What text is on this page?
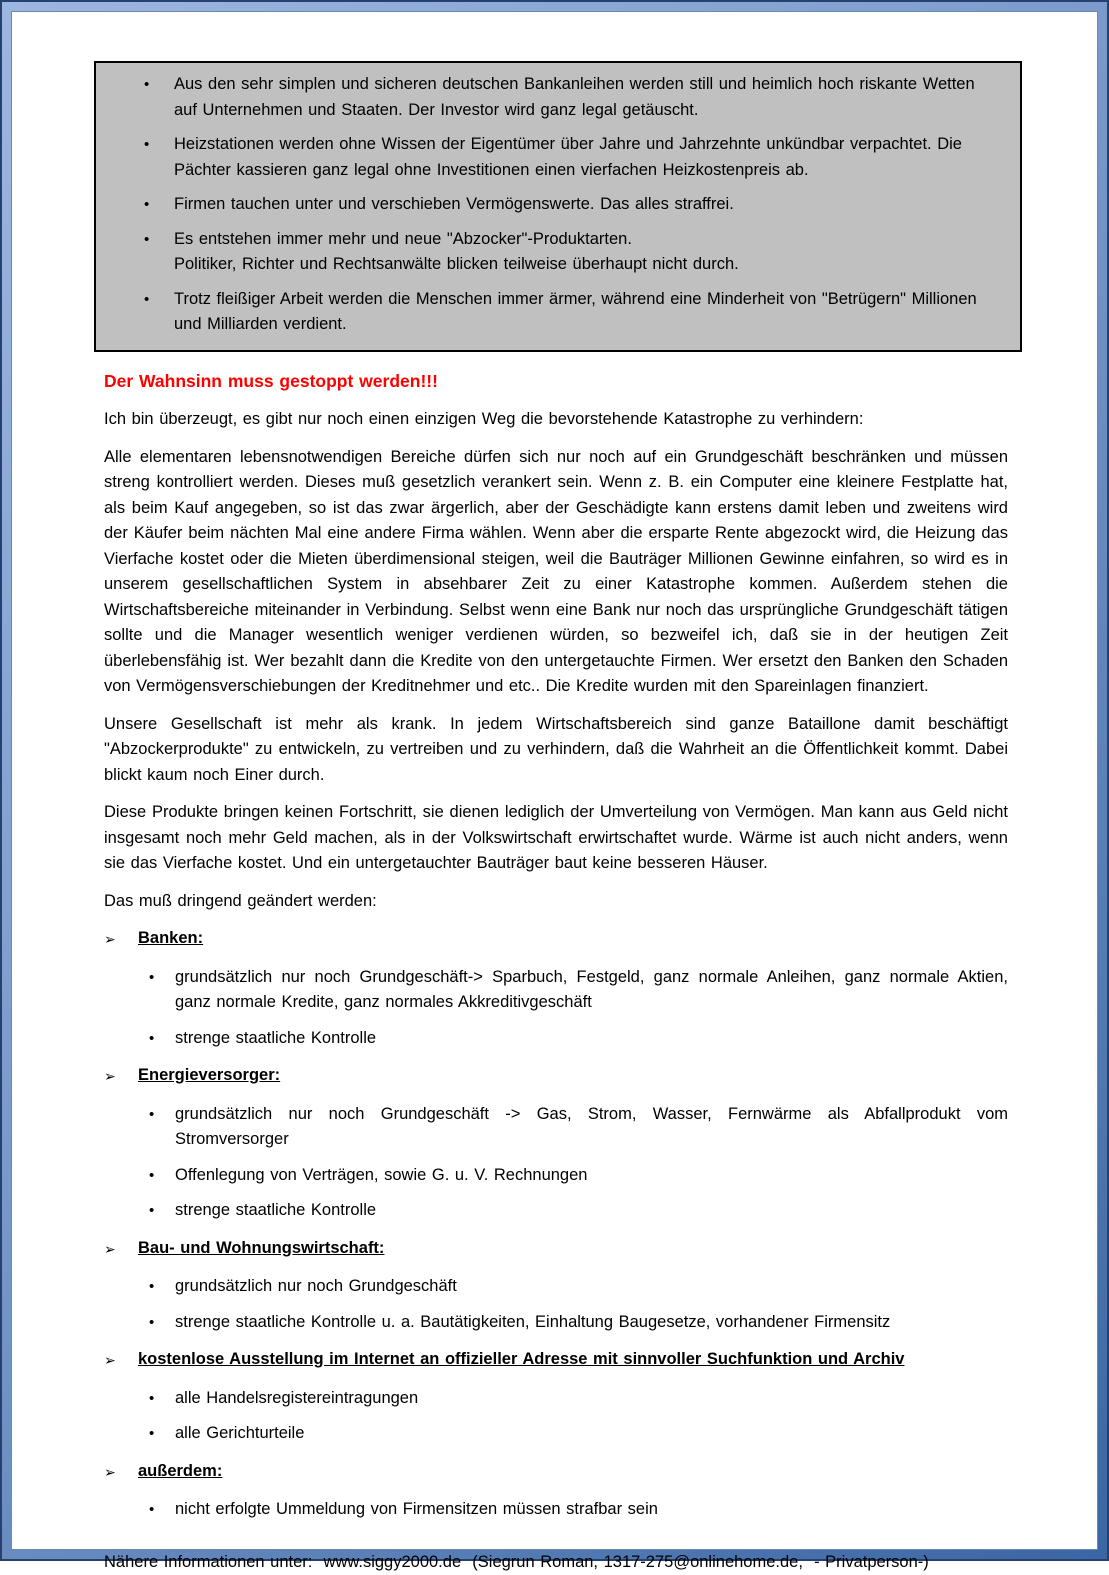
•	Aus den sehr simplen und sicheren deutschen Bankanleihen werden still und heimlich hoch riskante Wetten auf Unternehmen und Staaten. Der Investor wird ganz legal getäuscht.
•	Heizstationen werden ohne Wissen der Eigentümer über Jahre und Jahrzehnte unkündbar verpachtet. Die Pächter kassieren ganz legal ohne Investitionen einen vierfachen Heizkostenpreis ab.
•	Firmen tauchen unter und verschieben Vermögenswerte. Das alles straffrei.
•	Es entstehen immer mehr und neue "Abzocker"-Produktarten.
Politiker, Richter und Rechtsanwälte blicken teilweise überhaupt nicht durch.
•	Trotz fleißiger Arbeit werden die Menschen immer ärmer, während eine Minderheit von "Betrügern" Millionen und Milliarden verdient.
Der Wahnsinn muss gestoppt werden!!!

Ich bin überzeugt, es gibt nur noch einen einzigen Weg die bevorstehende Katastrophe zu verhindern:

Alle elementaren lebensnotwendigen Bereiche dürfen sich nur noch auf ein Grundgeschäft beschränken und müssen streng kontrolliert werden. Dieses muß gesetzlich verankert sein. Wenn z. B. ein Computer eine kleinere Festplatte hat, als beim Kauf angegeben, so ist das zwar ärgerlich, aber der Geschädigte kann erstens damit leben und zweitens wird der Käufer beim nächten Mal eine andere Firma wählen. Wenn aber die ersparte Rente abgezockt wird, die Heizung das Vierfache kostet oder die Mieten überdimensional steigen, weil die Bauträger Millionen Gewinne einfahren, so wird es in unserem gesellschaftlichen System in absehbarer Zeit zu einer Katastrophe kommen. Außerdem stehen die Wirtschaftsbereiche miteinander in Verbindung. Selbst wenn eine Bank nur noch das ursprüngliche Grundgeschäft tätigen sollte und die Manager wesentlich weniger verdienen würden, so bezweifel ich, daß sie in der heutigen Zeit überlebensfähig ist. Wer bezahlt dann die Kredite von den untergetauchte Firmen. Wer ersetzt den Banken den Schaden von Vermögensverschiebungen der Kreditnehmer und etc.. Die Kredite wurden mit den Spareinlagen finanziert.

Unsere Gesellschaft ist mehr als krank. In jedem Wirtschaftsbereich sind ganze Bataillone damit beschäftigt "Abzockerprodukte" zu entwickeln, zu vertreiben und zu verhindern, daß die Wahrheit an die Öffentlichkeit kommt. Dabei blickt kaum noch Einer durch.

Diese Produkte bringen keinen Fortschritt, sie dienen lediglich der Umverteilung von Vermögen. Man kann aus Geld nicht insgesamt noch mehr Geld machen, als in der Volkswirtschaft erwirtschaftet wurde. Wärme ist auch nicht anders, wenn sie das Vierfache kostet. Und ein untergetauchter Bauträger baut keine besseren Häuser.

Das muß dringend geändert werden:

➢	Banken:
•	grundsätzlich nur noch Grundgeschäft-> Sparbuch, Festgeld, ganz normale Anleihen, ganz normale Aktien, ganz normale Kredite, ganz normales Akkreditivgeschäft
•	strenge staatliche Kontrolle
➢	Energieversorger:
•	grundsätzlich nur noch Grundgeschäft -> Gas, Strom, Wasser, Fernwärme als Abfallprodukt vom Stromversorger
•	Offenlegung von Verträgen, sowie G. u. V. Rechnungen
•	strenge staatliche Kontrolle
➢	Bau- und Wohnungswirtschaft:
•	grundsätzlich nur noch Grundgeschäft
•	strenge staatliche Kontrolle u. a. Bautätigkeiten, Einhaltung Baugesetze, vorhandener Firmensitz
➢	kostenlose Ausstellung im Internet an offizieller Adresse mit sinnvoller Suchfunktion und Archiv
•	alle Handelsregistereintragungen
•	alle Gerichturteile
➢	außerdem:
•	nicht erfolgte Ummeldung von Firmensitzen müssen strafbar sein
Nähere Informationen unter:  www.siggy2000.de  (Siegrun Roman, 1317-275@onlinehome.de,  - Privatperson-)
